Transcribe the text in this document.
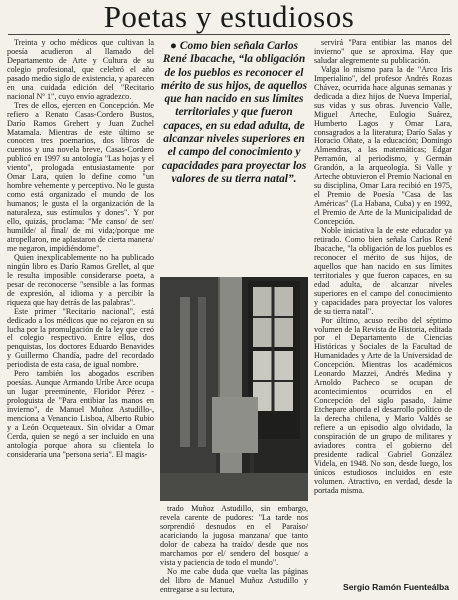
Poetas y estudiosos

Treinta y ocho médicos que cultivan la poesía acudieron al llamado del Departamento de Arte y Cultura de su colegio profesional, que celebró el año pasado medio siglo de existencia, y aparecen en una cuidada edición del "Recitario nacional Nº 1", cuyo envío agradezco.

Tres de ellos, ejercen en Concepción. Me refiero a Renato Casas-Cordero Bustos, Darío Ramos Grehert y Juan Zuchel Matamala. Mientras de este último se conocen tres poemarios, dos libros de cuentos y una novela breve, Casas-Cordero publicó en 1997 su antología "Las hojas y el viento", prologada entusiastamente por Omar Lara, quien lo define como "un hombre vehemente y perceptivo. No le gusta como está organizado el mundo de los humanos; le gusta el la organización de la naturaleza, sus estímulos y dones". Y por ello, quizás, proclama: "Me canso/ de ser/ humilde/ al final/ de mi vida;/porque me atropellaron, me aplastaron de cierta manera/ me negaron, impidiéndome".

Quien inexplicablemente no ha publicado ningún libro es Darío Ramos Grellet, al que le resulta imposible considerarse poeta, a pesar de reconocerse "sensible a las formas de expresión, al idioma y a percibir la riqueza que hay detrás de las palabras".

Este primer "Recitario nacional", está dedicado a los médicos que no cejaron en su lucha por la promulgación de la ley que creó el colegio respectivo. Entre ellos, dos penquistas, los doctores Eduardo Benavides y Guillermo Chandía, padre del recordado periodista de esta casa, de igual nombre.

Pero también los abogados escriben poesías. Aunque Armando Uribe Arce ocupa un lugar preeminente, Floridor Pérez -prologuista de "Para entibiar las manos en invierno", de Manuel Muñoz Astudillo-, menciona a Venancio Lisboa, Alberto Rubio y a León Ocqueteaux. Sin olvidar a Omar Cerda, quien se negó a ser incluido en una antología porque ahora su clientela lo consideraría una "persona seria". El magis-

● Como bien señala Carlos René Ibacache, “la obligación de los pueblos es reconocer el mérito de sus hijos, de aquellos que han nacido en sus límites territoriales y que fueron capaces, en su edad adulta, de alcanzar niveles superiores en el campo del conocimiento y capacidades para proyectar los valores de su tierra natal”.

trado Muñoz Astudillo, sin embargo, revela carente de pudores: "La tarde nos sorprendió desnudos en el Paraíso/ acariciando la jugosa manzana/ que tanto dolor de cabeza ha traído/ desde que nos marchamos por el/ sendero del bosque/ a vista y paciencia de todo el mundo".

No me cabe duda que vuelta las páginas del libro de Manuel Muñoz Astudillo y entregarse a su lectura,

servirá "Para entibiar las manos del invierno" que se aproxima. Hay que saludar alegremente su publicación.

Valga lo mismo para la de "Arco Iris Imperialino", del profesor Andrés Rozas Chávez, ocurrida hace algunas semanas y dedicada a diez hijos de Nueva Imperial, sus vidas y sus obras. Juvencio Valle, Miguel Arteche, Eulogio Suárez, Humberto Lagos y Omar Lara, consagrados a la literatura; Darío Salas y Horacio Oñate, a la educación; Domingo Almendras, a las matemáticas; Edgar Perramón, al periodismo, y Germán Grandón, a la arqueología. Si Valle y Arteche obtuvieron el Premio Nacional en su disciplina, Omar Lara recibió en 1975, el Premio de Poesía "Casa de las Américas" (La Habana, Cuba) y en 1992, el Premio de Arte de la Municipalidad de Concepción.

Noble iniciativa la de este educador ya retirado. Como bien señala Carlos René Ibacache, "la obligación de los pueblos es reconocer el mérito de sus hijos, de aquellos que han nacido en sus límites territoriales y que fueron capaces, en su edad adulta, de alcanzar niveles superiores en el campo del conocimiento y capacidades para proyectar los valores de su tierra natal".

Por último, acuso recibo del séptimo volumen de la Revista de Historia, editada por el Departamento de Ciencias Históricas y Sociales de la Facultad de Humanidades y Arte de la Universidad de Concepción. Mientras los académicos Leonardo Mazzei, Andrés Medina y Arnoldo Pacheco se ocupan de acontecimientos ocurridos en el Concepción del siglo pasado, Jaime Etchepare aborda el desarrollo político de la derecha chilena, y Mario Valdés se refiere a un episodio algo olvidado, la conspiración de un grupo de militares y aviadores contra el gobierno del presidente radical Gabriel González Videla, en 1948. No son, desde luego, los únicos estudiosos incluidos en este volumen. Atractivo, en verdad, desde la portada misma.

Sergio Ramón Fuenteálba
